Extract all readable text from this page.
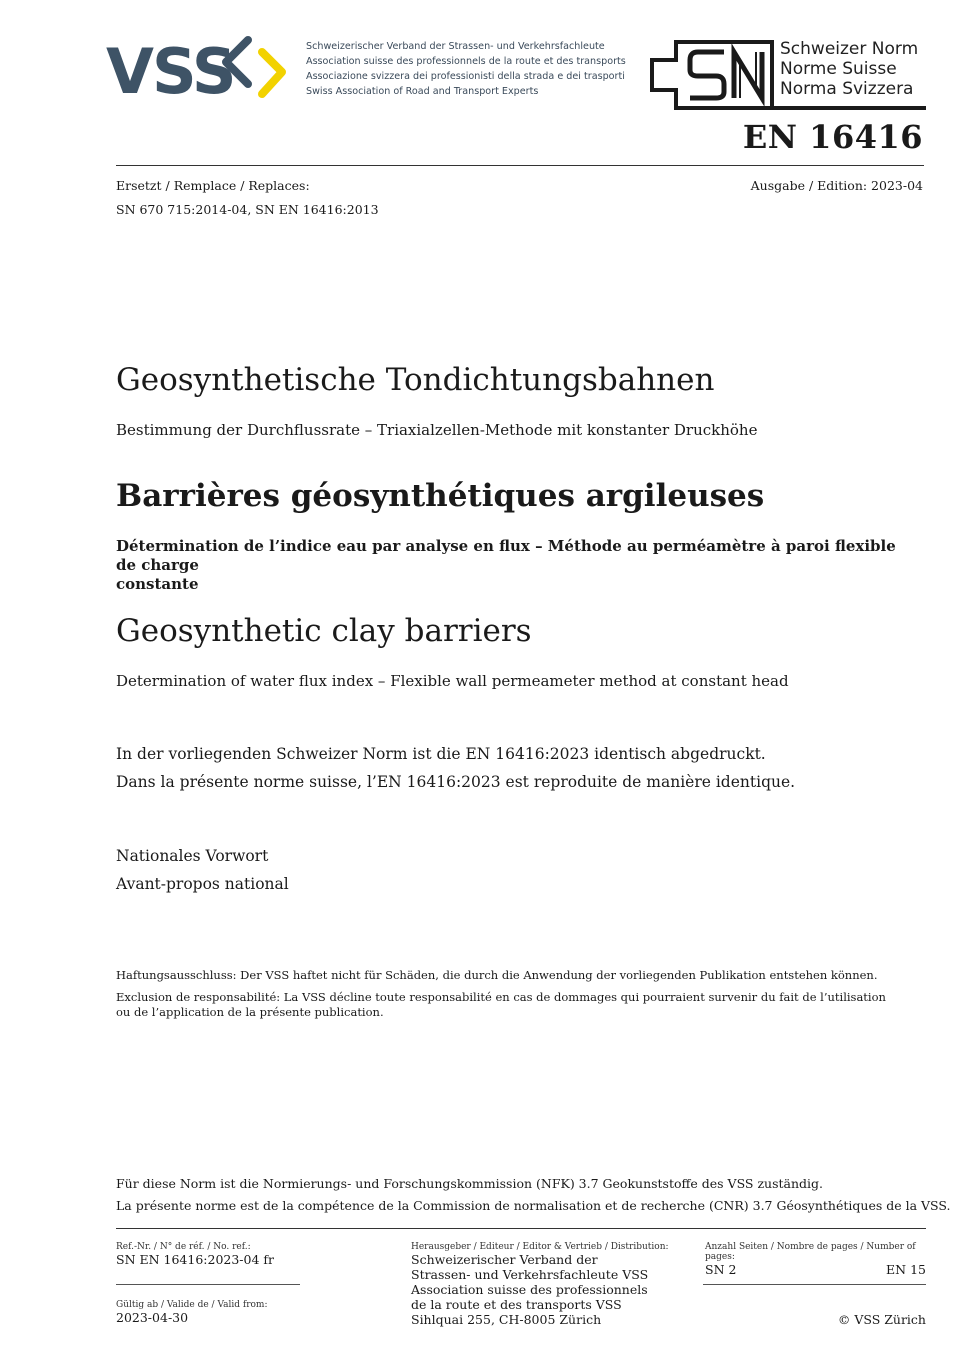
VSS	Schweizerischer Verband der Strassen- und Verkehrsfachleute
Association suisse des professionnels de la route et des transports
Associazione svizzera dei professionisti della strada e dei trasporti
Swiss Association of Road and Transport Experts
Schweizer Norm
Norme Suisse
Norma Svizzera
EN 16416
Ersetzt / Remplace / Replaces:	Ausgabe / Edition: 2023-04
SN 670 715:2014-04, SN EN 16416:2013
Geosynthetische Tondichtungsbahnen
Bestimmung der Durchflussrate – Triaxialzellen-Methode mit konstanter Druckhöhe
Barrières géosynthétiques argileuses
Détermination de l’indice eau par analyse en flux – Méthode au perméamètre à paroi flexible de charge
constante
Geosynthetic clay barriers
Determination of water flux index – Flexible wall permeameter method at constant head
In der vorliegenden Schweizer Norm ist die EN 16416:2023 identisch abgedruckt.
Dans la présente norme suisse, l’EN 16416:2023 est reproduite de manière identique.
Nationales Vorwort
Avant-propos national
Haftungsausschluss: Der VSS haftet nicht für Schäden, die durch die Anwendung der vorliegenden Publikation entstehen können.
Exclusion de responsabilité: La VSS décline toute responsabilité en cas de dommages qui pourraient survenir du fait de l’utilisation
ou de l’application de la présente publication.
Für diese Norm ist die Normierungs- und Forschungskommission (NFK) 3.7 Geokunststoffe des VSS zuständig.
La présente norme est de la compétence de la Commission de normalisation et de recherche (CNR) 3.7 Géosynthétiques de la VSS.
Ref.-Nr. / N° de réf. / No. ref.:
SN EN 16416:2023-04 fr
Gültig ab / Valide de / Valid from:
2023-04-30
Herausgeber / Editeur / Editor & Vertrieb / Distribution:
Schweizerischer Verband der
Strassen- und Verkehrsfachleute VSS
Association suisse des professionnels
de la route et des transports VSS
Sihlquai 255, CH-8005 Zürich
Anzahl Seiten / Nombre de pages / Number of pages:
SN 2	EN 15
© VSS Zürich
